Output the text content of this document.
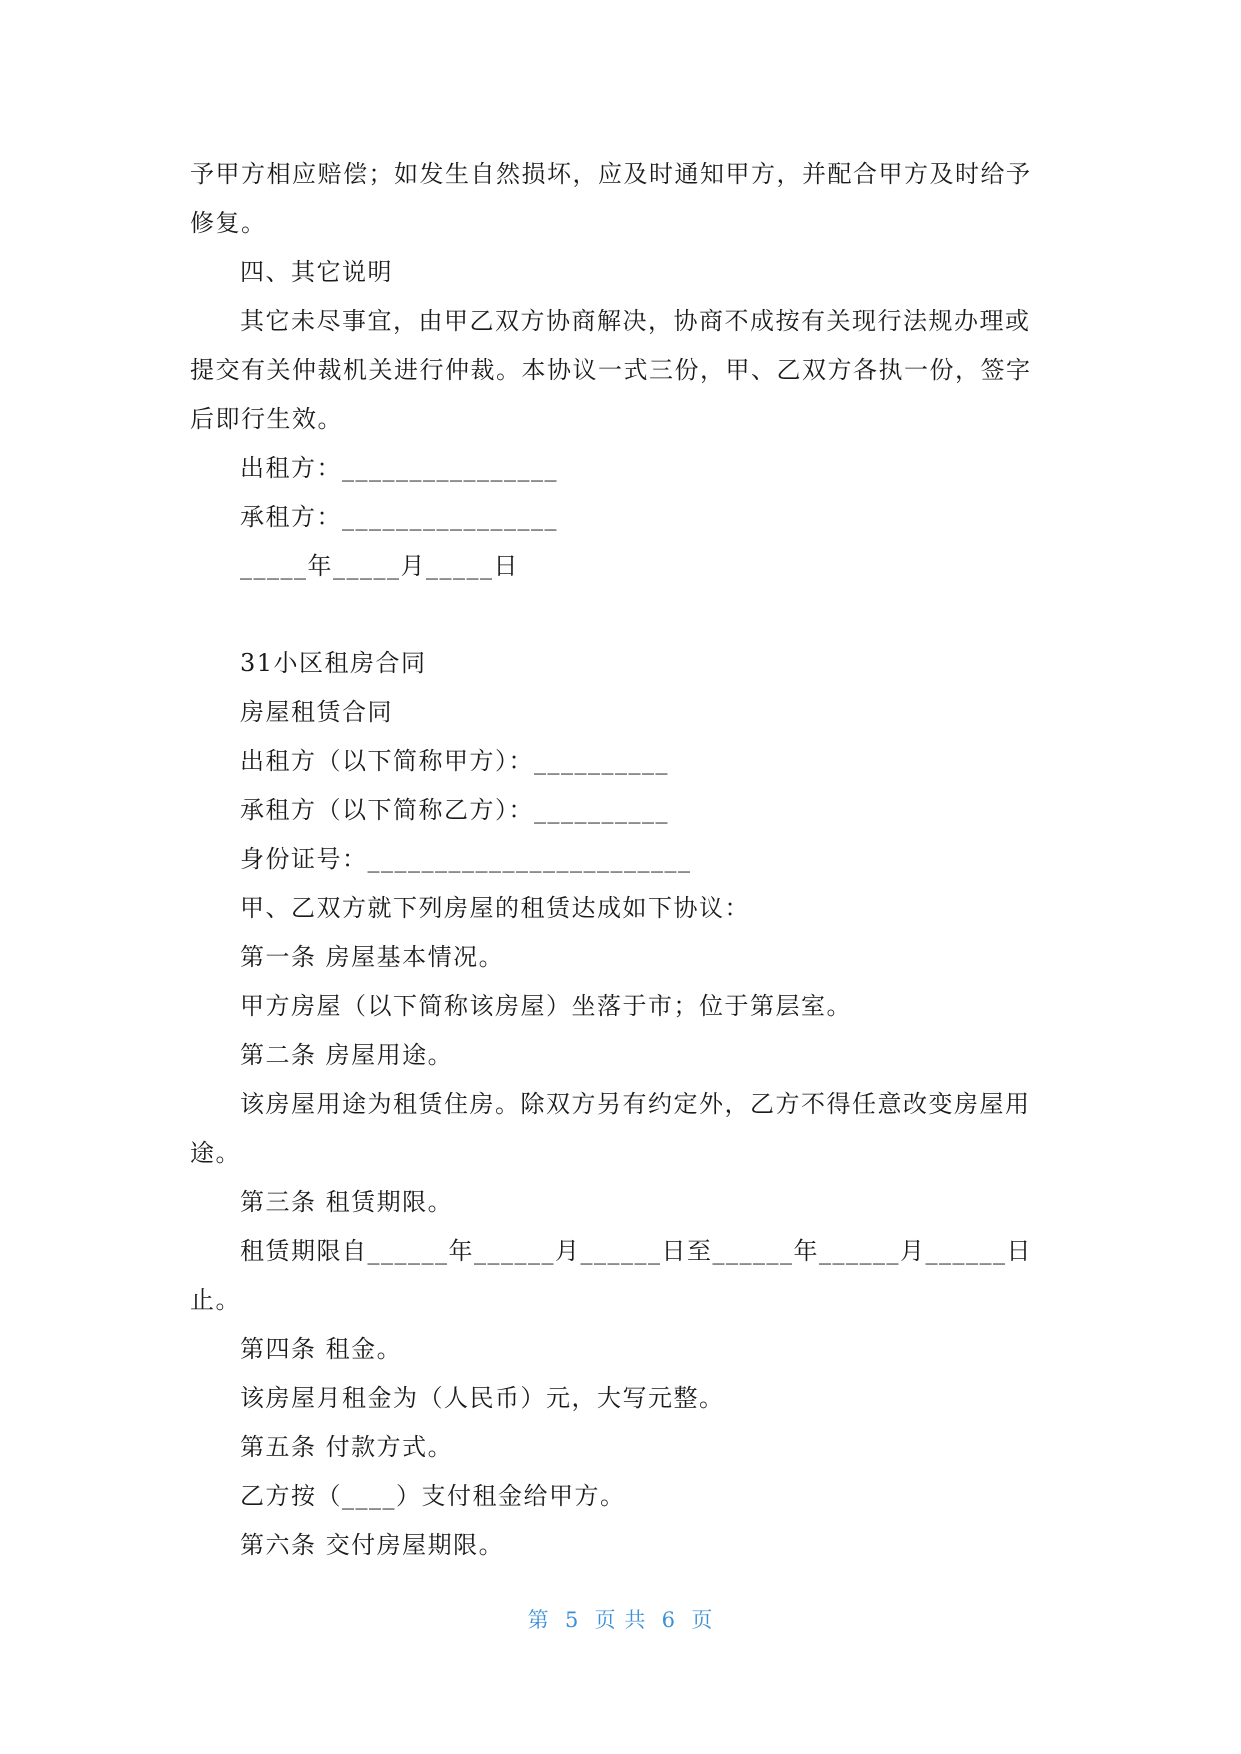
予甲方相应赔偿；如发生自然损坏，应及时通知甲方，并配合甲方及时给予修复。

四、其它说明

其它未尽事宜，由甲乙双方协商解决，协商不成按有关现行法规办理或提交有关仲裁机关进行仲裁。本协议一式三份，甲、乙双方各执一份，签字后即行生效。

出租方：________________

承租方：________________

_____年_____月_____日

31小区租房合同

房屋租赁合同

出租方（以下简称甲方）：__________

承租方（以下简称乙方）：__________

身份证号：________________________

甲、乙双方就下列房屋的租赁达成如下协议：

第一条 房屋基本情况。

甲方房屋（以下简称该房屋）坐落于市；位于第层室。

第二条 房屋用途。

该房屋用途为租赁住房。除双方另有约定外，乙方不得任意改变房屋用途。

第三条 租赁期限。

租赁期限自______年______月______日至______年______月______日止。

第四条 租金。

该房屋月租金为（人民币）元，大写元整。

第五条 付款方式。

乙方按（____）支付租金给甲方。

第六条 交付房屋期限。

第  5  页 共  6  页
